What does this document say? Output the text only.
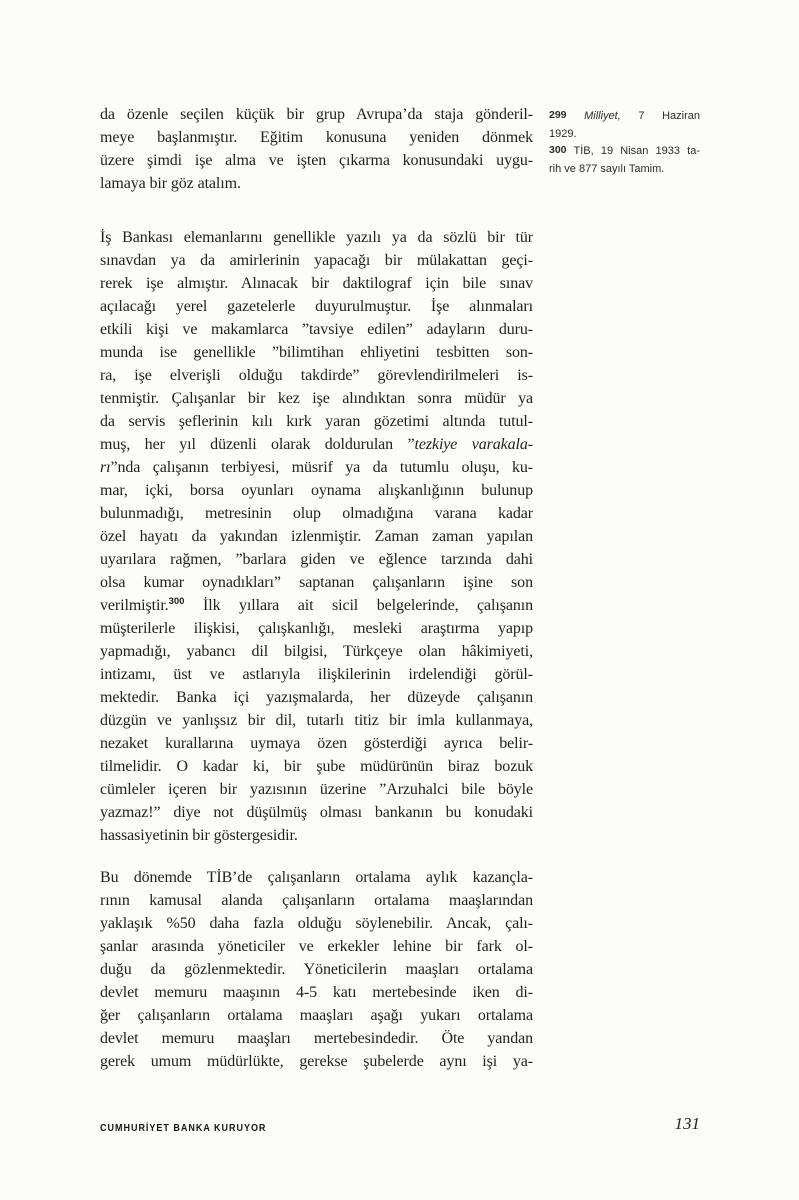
da özenle seçilen küçük bir grup Avrupa’da staja gönderil-
meye başlanmıştır. Eğitim konusuna yeniden dönmek
üzere şimdi işe alma ve işten çıkarma konusundaki uygu-
lamaya bir göz atalım.
İş Bankası elemanlarını genellikle yazılı ya da sözlü bir tür
sınavdan ya da amirlerinin yapacağı bir mülakattan geçi-
rerek işe almıştır. Alınacak bir daktilograf için bile sınav
açılacağı yerel gazetelerle duyurulmuştur. İşe alınmaları
etkili kişi ve makamlarca ”tavsiye edilen” adayların duru-
munda ise genellikle ”bilimtihan ehliyetini tesbitten son-
ra, işe elverişli olduğu takdirde” görevlendirilmeleri is-
tenmiştir. Çalışanlar bir kez işe alındıktan sonra müdür ya
da servis şeflerinin kılı kırk yaran gözetimi altında tutul-
muş, her yıl düzenli olarak doldurulan ”tezkiye varakala-
rı”nda çalışanın terbiyesi, müsrif ya da tutumlu oluşu, ku-
mar, içki, borsa oyunları oynama alışkanlığının bulunup
bulunmadığı, metresinin olup olmadığına varana kadar
özel hayatı da yakından izlenmiştir. Zaman zaman yapılan
uyarılara rağmen, ”barlara giden ve eğlence tarzında dahi
olsa kumar oynadıkları” saptanan çalışanların işine son
verilmiştir.$^{300}$ İlk yıllara ait sicil belgelerinde, çalışanın
müşterilerle ilişkisi, çalışkanlığı, mesleki araştırma yapıp
yapmadığı, yabancı dil bilgisi, Türkçeye olan hâkimiyeti,
intizamı, üst ve astlarıyla ilişkilerinin irdelendiği görül-
mektedir. Banka içi yazışmalarda, her düzeyde çalışanın
düzgün ve yanlışsız bir dil, tutarlı titiz bir imla kullanmaya,
nezaket kurallarına uymaya özen gösterdiği ayrıca belir-
tilmelidir. O kadar ki, bir şube müdürünün biraz bozuk
cümleler içeren bir yazısının üzerine ”Arzuhalci bile böyle
yazmaz!” diye not düşülmüş olması bankanın bu konudaki
hassasiyetinin bir göstergesidir.
Bu dönemde TİB’de çalışanların ortalama aylık kazançla-
rının kamusal alanda çalışanların ortalama maaşlarından
yaklaşık %50 daha fazla olduğu söylenebilir. Ancak, çalı-
şanlar arasında yöneticiler ve erkekler lehine bir fark ol-
duğu da gözlenmektedir. Yöneticilerin maaşları ortalama
devlet memuru maaşının 4-5 katı mertebesinde iken di-
ğer çalışanların ortalama maaşları aşağı yukarı ortalama
devlet memuru maaşları mertebesindedir. Öte yandan
gerek umum müdürlükte, gerekse şubelerde aynı işi ya-
299 Milliyet, 7 Haziran
1929.
300 TİB, 19 Nisan 1933 ta-
rih ve 877 sayılı Tamim.
CUMHURİYET BANKA KURUYOR	131
